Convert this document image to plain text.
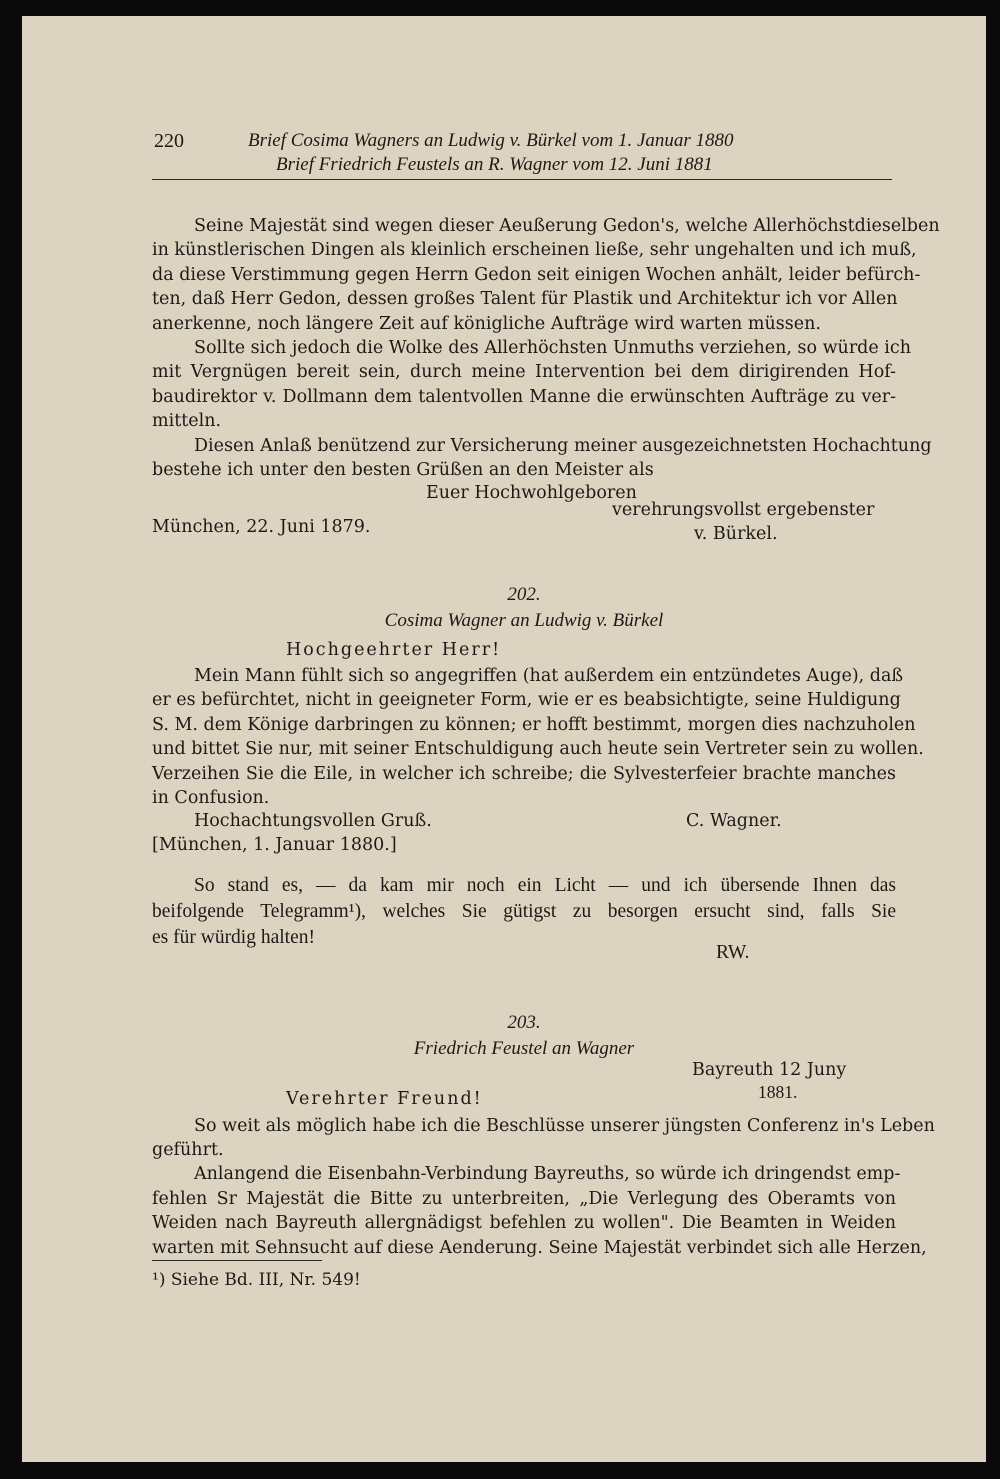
220	Brief Cosima Wagners an Ludwig v. Bürkel vom 1. Januar 1880
Brief Friedrich Feustels an R. Wagner vom 12. Juni 1881
Seine Majestät sind wegen dieser Aeußerung Gedon's, welche Allerhöchstdieselben
in künstlerischen Dingen als kleinlich erscheinen ließe, sehr ungehalten und ich muß,
da diese Verstimmung gegen Herrn Gedon seit einigen Wochen anhält, leider befürch-
ten, daß Herr Gedon, dessen großes Talent für Plastik und Architektur ich vor Allen
anerkenne, noch längere Zeit auf königliche Aufträge wird warten müssen.
Sollte sich jedoch die Wolke des Allerhöchsten Unmuths verziehen, so würde ich
mit Vergnügen bereit sein, durch meine Intervention bei dem dirigirenden Hof-
baudirektor v. Dollmann dem talentvollen Manne die erwünschten Aufträge zu ver-
mitteln.
Diesen Anlaß benützend zur Versicherung meiner ausgezeichnetsten Hochachtung
bestehe ich unter den besten Grüßen an den Meister als
Euer Hochwohlgeboren
München, 22. Juni 1879.
verehrungsvollst ergebenster
v. Bürkel.
202.
Cosima Wagner an Ludwig v. Bürkel
Hochgeehrter Herr!
Mein Mann fühlt sich so angegriffen (hat außerdem ein entzündetes Auge), daß
er es befürchtet, nicht in geeigneter Form, wie er es beabsichtigte, seine Huldigung
S. M. dem Könige darbringen zu können; er hofft bestimmt, morgen dies nachzuholen
und bittet Sie nur, mit seiner Entschuldigung auch heute sein Vertreter sein zu wollen.
Verzeihen Sie die Eile, in welcher ich schreibe; die Sylvesterfeier brachte manches
in Confusion.
Hochachtungsvollen Gruß.	C. Wagner.
[München, 1. Januar 1880.]
So stand es, — da kam mir noch ein Licht — und ich übersende Ihnen das
beifolgende Telegramm¹), welches Sie gütigst zu besorgen ersucht sind, falls Sie
es für würdig halten!
RW.
203.
Friedrich Feustel an Wagner
Bayreuth 12 Juny
1881.
Verehrter Freund!
So weit als möglich habe ich die Beschlüsse unserer jüngsten Conferenz in's Leben
geführt.
Anlangend die Eisenbahn-Verbindung Bayreuths, so würde ich dringendst emp-
fehlen Sr Majestät die Bitte zu unterbreiten, „Die Verlegung des Oberamts von
Weiden nach Bayreuth allergnädigst befehlen zu wollen". Die Beamten in Weiden
warten mit Sehnsucht auf diese Aenderung. Seine Majestät verbindet sich alle Herzen,
¹) Siehe Bd. III, Nr. 549!
